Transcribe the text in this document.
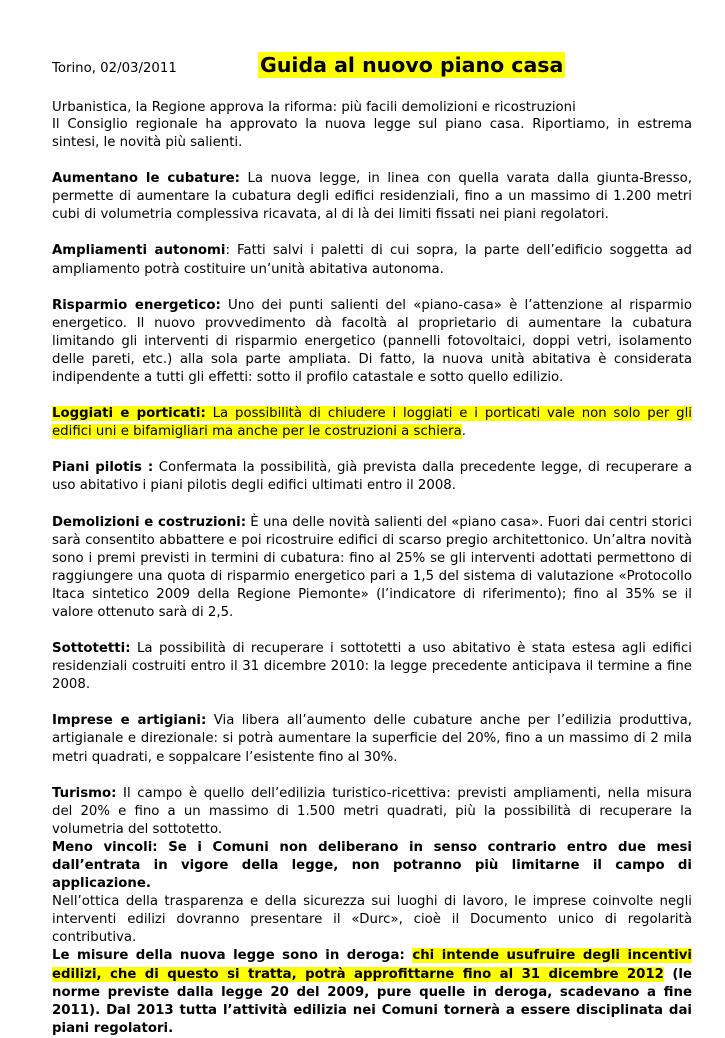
Torino, 02/03/2011	Guida al nuovo piano casa
Urbanistica, la Regione approva la riforma: più facili demolizioni e ricostruzioni

Il Consiglio regionale ha approvato la nuova legge sul piano casa. Riportiamo, in estrema sintesi, le novità più salienti.

Aumentano le cubature: La nuova legge, in linea con quella varata dalla giunta-Bresso, permette di aumentare la cubatura degli edifici residenziali, fino a un massimo di 1.200 metri cubi di volumetria complessiva ricavata, al di là dei limiti fissati nei piani regolatori.

Ampliamenti autonomi: Fatti salvi i paletti di cui sopra, la parte dell’edificio soggetta ad ampliamento potrà costituire un’unità abitativa autonoma.

Risparmio energetico: Uno dei punti salienti del «piano-casa» è l’attenzione al risparmio energetico. Il nuovo provvedimento dà facoltà al proprietario di aumentare la cubatura limitando gli interventi di risparmio energetico (pannelli fotovoltaici, doppi vetri, isolamento delle pareti, etc.) alla sola parte ampliata. Di fatto, la nuova unità abitativa è considerata indipendente a tutti gli effetti: sotto il profilo catastale e sotto quello edilizio.

Loggiati e porticati: La possibilità di chiudere i loggiati e i porticati vale non solo per gli edifici uni e bifamigliari ma anche per le costruzioni a schiera.

Piani pilotis : Confermata la possibilità, già prevista dalla precedente legge, di recuperare a uso abitativo i piani pilotis degli edifici ultimati entro il 2008.

Demolizioni e costruzioni: È una delle novità salienti del «piano casa». Fuori dai centri storici sarà consentito abbattere e poi ricostruire edifici di scarso pregio architettonico. Un’altra novità sono i premi previsti in termini di cubatura: fino al 25% se gli interventi adottati permettono di raggiungere una quota di risparmio energetico pari a 1,5 del sistema di valutazione «Protocollo Itaca sintetico 2009 della Regione Piemonte» (l’indicatore di riferimento); fino al 35% se il valore ottenuto sarà di 2,5.

Sottotetti: La possibilità di recuperare i sottotetti a uso abitativo è stata estesa agli edifici residenziali costruiti entro il 31 dicembre 2010: la legge precedente anticipava il termine a fine 2008.

Imprese e artigiani: Via libera all’aumento delle cubature anche per l’edilizia produttiva, artigianale e direzionale: si potrà aumentare la superficie del 20%, fino a un massimo di 2 mila metri quadrati, e soppalcare l’esistente fino al 30%.

Turismo: Il campo è quello dell’edilizia turistico-ricettiva: previsti ampliamenti, nella misura del 20% e fino a un massimo di 1.500 metri quadrati, più la possibilità di recuperare la volumetria del sottotetto.

Meno vincoli: Se i Comuni non deliberano in senso contrario entro due mesi dall’entrata in vigore della legge, non potranno più limitarne il campo di applicazione.

Nell’ottica della trasparenza e della sicurezza sui luoghi di lavoro, le imprese coinvolte negli interventi edilizi dovranno presentare il «Durc», cioè il Documento unico di regolarità contributiva.

Le misure della nuova legge sono in deroga: chi intende usufruire degli incentivi edilizi, che di questo si tratta, potrà approfittarne fino al 31 dicembre 2012 (le norme previste dalla legge 20 del 2009, pure quelle in deroga, scadevano a fine 2011). Dal 2013 tutta l’attività edilizia nei Comuni tornerà a essere disciplinata dai piani regolatori.
